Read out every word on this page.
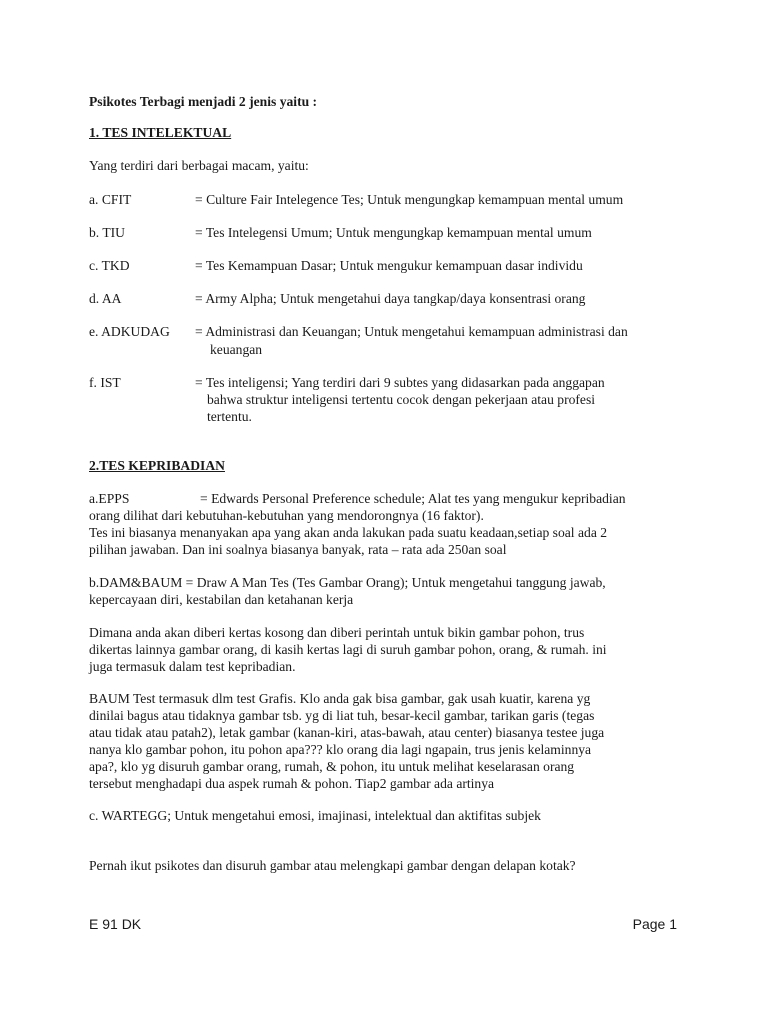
Psikotes Terbagi menjadi 2 jenis yaitu :
1. TES INTELEKTUAL
Yang terdiri dari berbagai macam, yaitu:
a. CFIT	= Culture Fair Intelegence Tes; Untuk mengungkap kemampuan mental umum
b. TIU	= Tes Intelegensi Umum; Untuk mengungkap kemampuan mental umum
c. TKD	= Tes Kemampuan Dasar; Untuk mengukur kemampuan dasar individu
d. AA	= Army Alpha; Untuk mengetahui daya tangkap/daya konsentrasi orang
e. ADKUDAG = Administrasi dan Keuangan; Untuk mengetahui kemampuan administrasi dan
keuangan
f. IST	= Tes inteligensi; Yang terdiri dari 9 subtes yang didasarkan pada anggapan
bahwa struktur inteligensi tertentu cocok dengan pekerjaan atau profesi
tertentu.
2.TES KEPRIBADIAN
a.EPPS	= Edwards Personal Preference schedule; Alat tes yang mengukur kepribadian
orang dilihat dari kebutuhan-kebutuhan yang mendorongnya (16 faktor).
Tes ini biasanya menanyakan apa yang akan anda lakukan pada suatu keadaan,setiap soal ada 2
pilihan jawaban. Dan ini soalnya biasanya banyak, rata – rata ada 250an soal
b.DAM&BAUM = Draw A Man Tes (Tes Gambar Orang); Untuk mengetahui tanggung jawab,
kepercayaan diri, kestabilan dan ketahanan kerja
Dimana anda akan diberi kertas kosong dan diberi perintah untuk bikin gambar pohon, trus
dikertas lainnya gambar orang, di kasih kertas lagi di suruh gambar pohon, orang, & rumah. ini
juga termasuk dalam test kepribadian.
BAUM Test termasuk dlm test Grafis. Klo anda gak bisa gambar, gak usah kuatir, karena yg
dinilai bagus atau tidaknya gambar tsb. yg di liat tuh, besar-kecil gambar, tarikan garis (tegas
atau tidak atau patah2), letak gambar (kanan-kiri, atas-bawah, atau center) biasanya testee juga
nanya klo gambar pohon, itu pohon apa??? klo orang dia lagi ngapain, trus jenis kelaminnya
apa?, klo yg disuruh gambar orang, rumah, & pohon, itu untuk melihat keselarasan orang
tersebut menghadapi dua aspek rumah & pohon. Tiap2 gambar ada artinya
c. WARTEGG; Untuk mengetahui emosi, imajinasi, intelektual dan aktifitas subjek
Pernah ikut psikotes dan disuruh gambar atau melengkapi gambar dengan delapan kotak?
E 91 DK	Page 1
